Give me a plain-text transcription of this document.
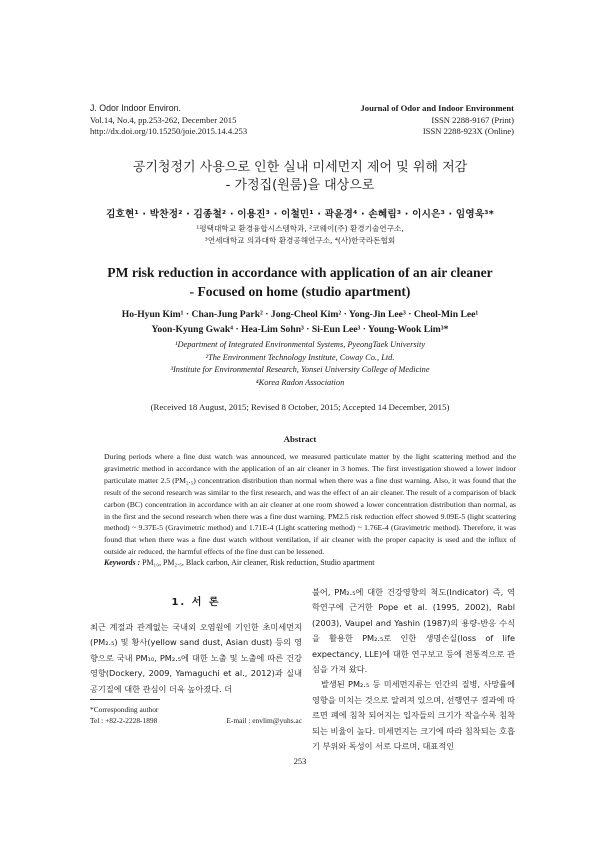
J. Odor Indoor Environ.
Vol.14, No.4, pp.253-262, December 2015
http://dx.doi.org/10.15250/joie.2015.14.4.253
Journal of Odor and Indoor Environment
ISSN 2288-9167 (Print)
ISSN 2288-923X (Online)
공기청정기 사용으로 인한 실내 미세먼지 제어 및 위해 저감
- 가정집(원룸)을 대상으로
김호현¹ · 박찬정² · 김종철² · 이용진³ · 이철민¹ · 곽윤경⁴ · 손혜림³ · 이시은³ · 임영욱³*
¹평택대학교 환경융합시스템학과, ²코웨이(주) 환경기술연구소,
³연세대학교 의과대학 환경공해연구소, ⁴(사)한국라돈협회
PM risk reduction in accordance with application of an air cleaner
- Focused on home (studio apartment)
Ho-Hyun Kim¹ · Chan-Jung Park² · Jong-Cheol Kim² · Yong-Jin Lee³ · Cheol-Min Lee¹
Yoon-Kyung Gwak⁴ · Hea-Lim Sohn³ · Si-Eun Lee³ · Young-Wook Lim³*
¹Department of Integrated Environmental Systems, PyeongTaek University
²The Environment Technology Institute, Coway Co., Ltd.
³Institute for Environmental Research, Yonsei University College of Medicine
⁴Korea Radon Association
(Received 18 August, 2015; Revised 8 October, 2015; Accepted 14 December, 2015)
Abstract
During periods where a fine dust watch was announced, we measured particulate matter by the light scattering method and the gravimetric method in accordance with the application of an air cleaner in 3 homes. The first investigation showed a lower indoor particulate matter 2.5 (PM₂.₅) concentration distribution than normal when there was a fine dust warning. Also, it was found that the result of the second research was similar to the first research, and was the effect of an air cleaner. The result of a comparison of black carbon (BC) concentration in accordance with an air cleaner at one room showed a lower concentration distribution than normal, as in the first and the second research when there was a fine dust warning. PM2.5 risk reduction effect showed 9.09E-5 (light scattering method) ~ 9.37E-5 (Gravimetric method) and 1.71E-4 (Light scattering method) ~ 1.76E-4 (Gravimetric method). Therefore, it was found that when there was a fine dust watch without ventilation, if air cleaner with the proper capacity is used and the influx of outside air reduced, the harmful effects of the fine dust can be lessened.
Keywords : PM₁₀, PM₂.₅, Black carbon, Air cleaner, Risk reduction, Studio apartment
1. 서 론

최근 계절과 관계없는 국내외 오염원에 기인한 초미세먼지(PM₂.₅) 및 황사(yellow sand dust, Asian dust) 등의 영향으로 국내 PM₁₀, PM₂.₅에 대한 노출 및 노출에 따른 건강영향(Dockery, 2009, Yamaguchi et al., 2012)과 실내공기질에 대한 관심이 더욱 높아졌다. 더

불어, PM₂.₅에 대한 건강영향의 척도(Indicator) 즉, 역학연구에 근거한 Pope et al. (1995, 2002), Rabl (2003), Vaupel and Yashin (1987)의 용량-반응 수식을 활용한 PM₂.₅로 인한 생명손실(loss of life expectancy, LLE)에 대한 연구보고 등에 전통적으로 관심을 가져 왔다.

발생된 PM₂.₅ 등 미세먼지류는 인간의 질병, 사망률에 영향을 미치는 것으로 알려져 있으며, 선행연구 결과에 따르면 폐에 침착 되어지는 입자들의 크기가 작을수록 침착되는 비율이 높다. 미세먼지는 크기에 따라 침착되는 호흡기 부위와 독성이 서로 다르며, 대표적인

*Corresponding author
Tel : +82-2-2228-1898	E-mail : envlim@yuhs.ac
253
